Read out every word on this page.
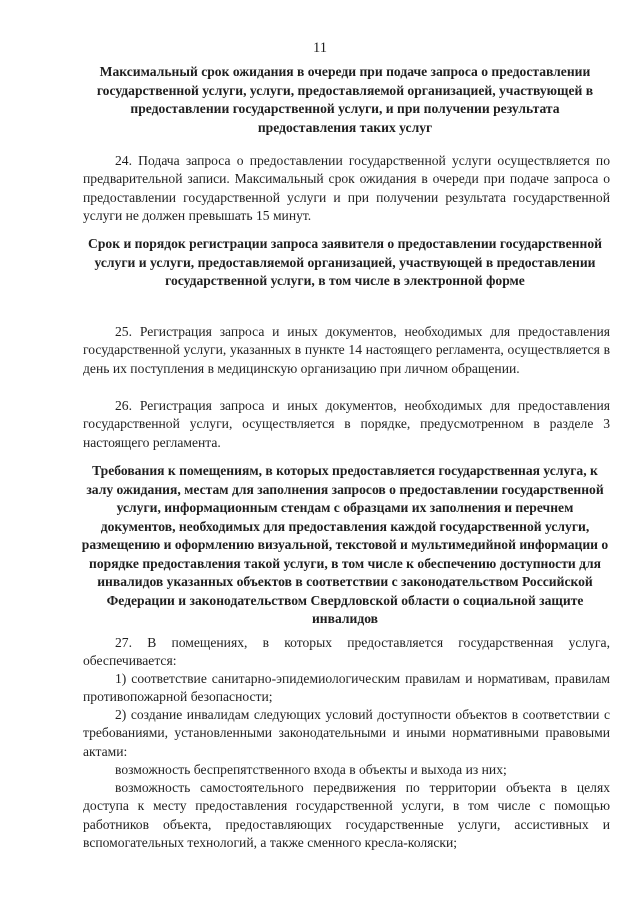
11
Максимальный срок ожидания в очереди при подаче запроса о предоставлении государственной услуги, услуги, предоставляемой организацией, участвующей в предоставлении государственной услуги, и при получении результата предоставления таких услуг
24. Подача запроса о предоставлении государственной услуги осуществляется по предварительной записи. Максимальный срок ожидания в очереди при подаче запроса о предоставлении государственной услуги и при получении результата государственной услуги не должен превышать 15 минут.
Срок и порядок регистрации запроса заявителя о предоставлении государственной услуги и услуги, предоставляемой организацией, участвующей в предоставлении государственной услуги, в том числе в электронной форме
25. Регистрация запроса и иных документов, необходимых для предоставления государственной услуги, указанных в пункте 14 настоящего регламента, осуществляется в день их поступления в медицинскую организацию при личном обращении.
26. Регистрация запроса и иных документов, необходимых для предоставления государственной услуги, осуществляется в порядке, предусмотренном в разделе 3 настоящего регламента.
Требования к помещениям, в которых предоставляется государственная услуга, к залу ожидания, местам для заполнения запросов о предоставлении государственной услуги, информационным стендам с образцами их заполнения и перечнем документов, необходимых для предоставления каждой государственной услуги, размещению и оформлению визуальной, текстовой и мультимедийной информации о порядке предоставления такой услуги, в том числе к обеспечению доступности для инвалидов указанных объектов в соответствии с законодательством Российской Федерации и законодательством Свердловской области о социальной защите инвалидов
27. В помещениях, в которых предоставляется государственная услуга, обеспечивается:
1) соответствие санитарно-эпидемиологическим правилам и нормативам, правилам противопожарной безопасности;
2) создание инвалидам следующих условий доступности объектов в соответствии с требованиями, установленными законодательными и иными нормативными правовыми актами:
возможность беспрепятственного входа в объекты и выхода из них;
возможность самостоятельного передвижения по территории объекта в целях доступа к месту предоставления государственной услуги, в том числе с помощью работников объекта, предоставляющих государственные услуги, ассистивных и вспомогательных технологий, а также сменного кресла-коляски;
